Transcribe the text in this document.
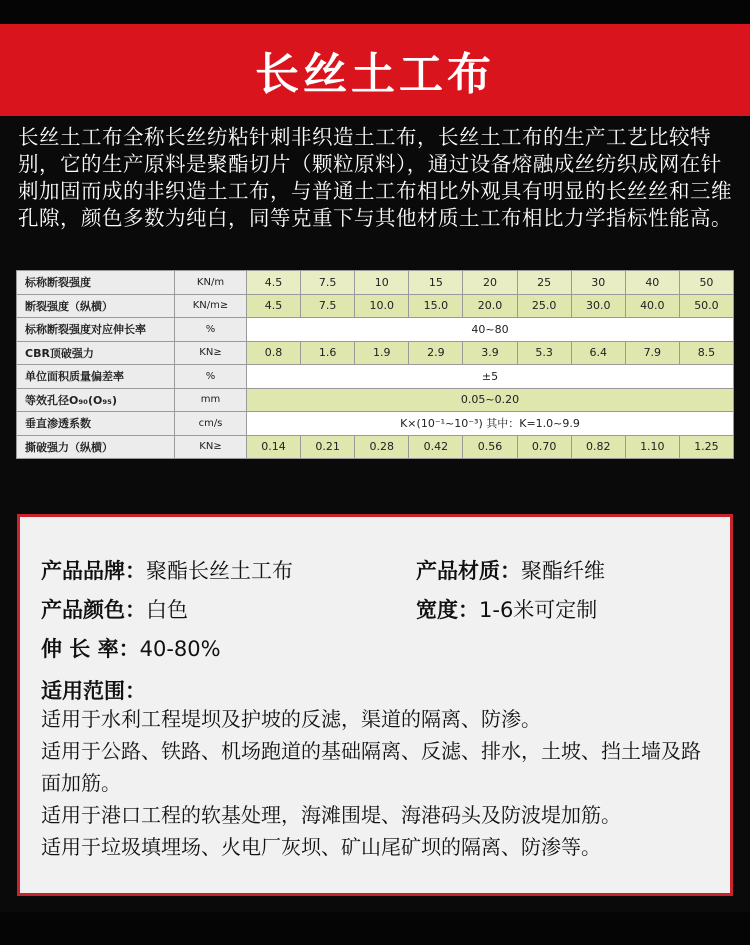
长丝土工布

长丝土工布全称长丝纺粘针刺非织造土工布，长丝土工布的生产工艺比较特别，它的生产原料是聚酯切片（颗粒原料），通过设备熔融成丝纺织成网在针刺加固而成的非织造土工布，与普通土工布相比外观具有明显的长丝丝和三维孔隙，颜色多数为纯白，同等克重下与其他材质土工布相比力学指标性能高。

标称断裂强度	KN/m	4.5	7.5	10	15	20	25	30	40	50
断裂强度（纵横）	KN/m≥	4.5	7.5	10.0	15.0	20.0	25.0	30.0	40.0	50.0
标称断裂强度对应伸长率	%	40~80								
CBR顶破强力	KN≥	0.8	1.6	1.9	2.9	3.9	5.3	6.4	7.9	8.5
单位面积质量偏差率	%	±5								
等效孔径O₉₀(O₉₅)	mm	0.05~0.20								
垂直渗透系数	cm/s	K×(10⁻¹~10⁻³) 其中：K=1.0~9.9								
撕破强力（纵横）	KN≥	0.14	0.21	0.28	0.42	0.56	0.70	0.82	1.10	1.25
产品品牌：聚酯长丝土工布	产品材质：聚酯纤维
产品颜色：白色	宽度：1-6米可定制
伸 长 率：40-80%
适用范围：
适用于水利工程堤坝及护坡的反滤，渠道的隔离、防渗。
适用于公路、铁路、机场跑道的基础隔离、反滤、排水，土坡、挡土墙及路面加筋。
适用于港口工程的软基处理，海滩围堤、海港码头及防波堤加筋。
适用于垃圾填埋场、火电厂灰坝、矿山尾矿坝的隔离、防渗等。
